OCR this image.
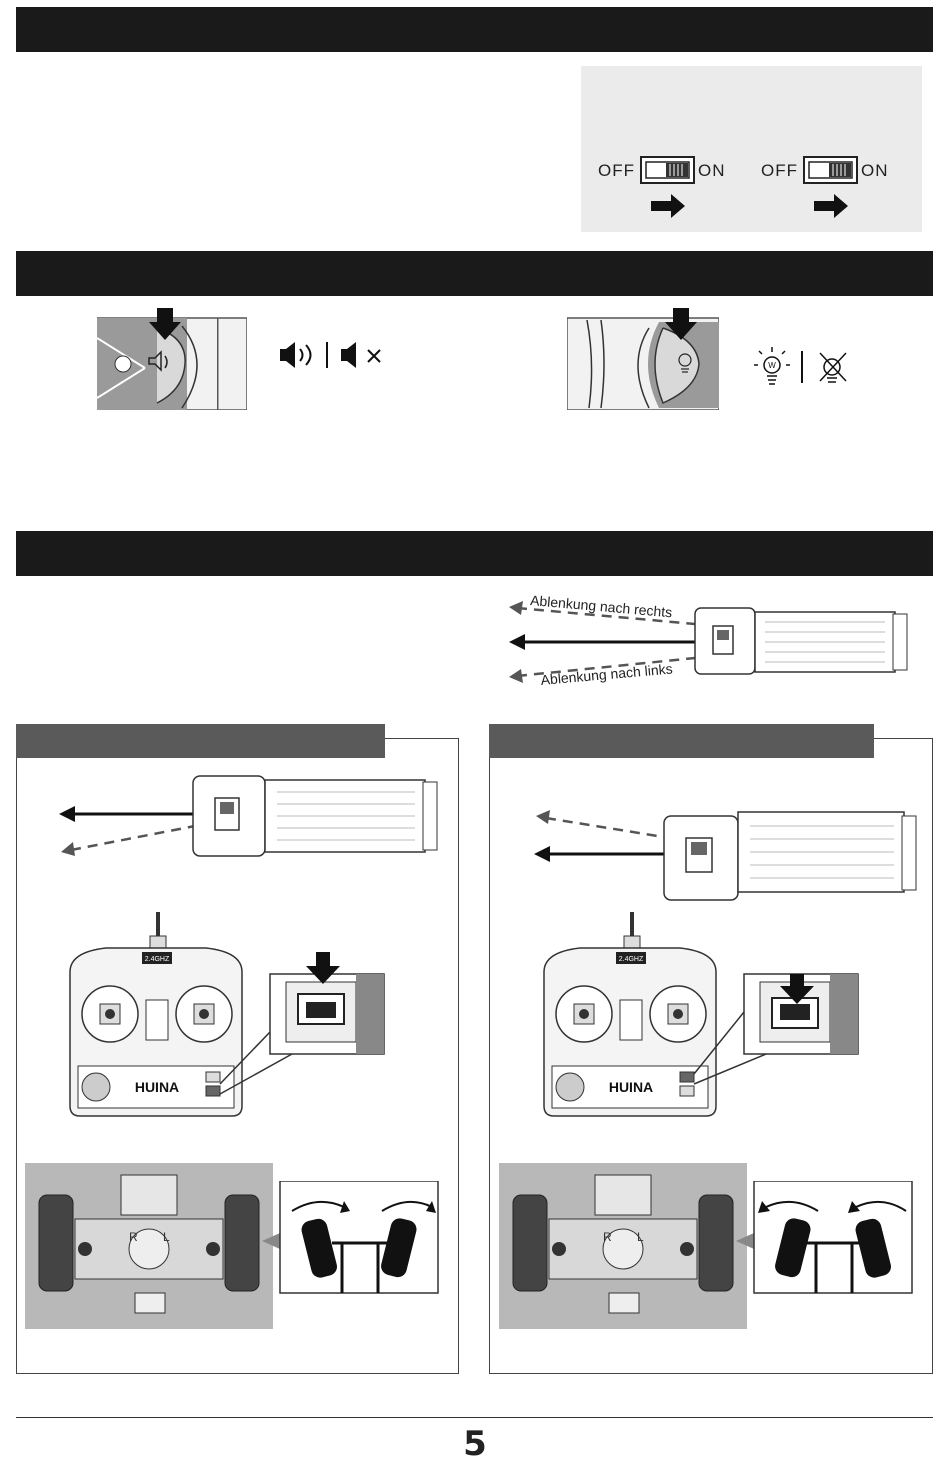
OFF	ON OFF	ON
W
Ablenkung nach rechts
Ablenkung nach links
2.4GHZ
HUINA
R L
2.4GHZ
HUINA
R L
5
